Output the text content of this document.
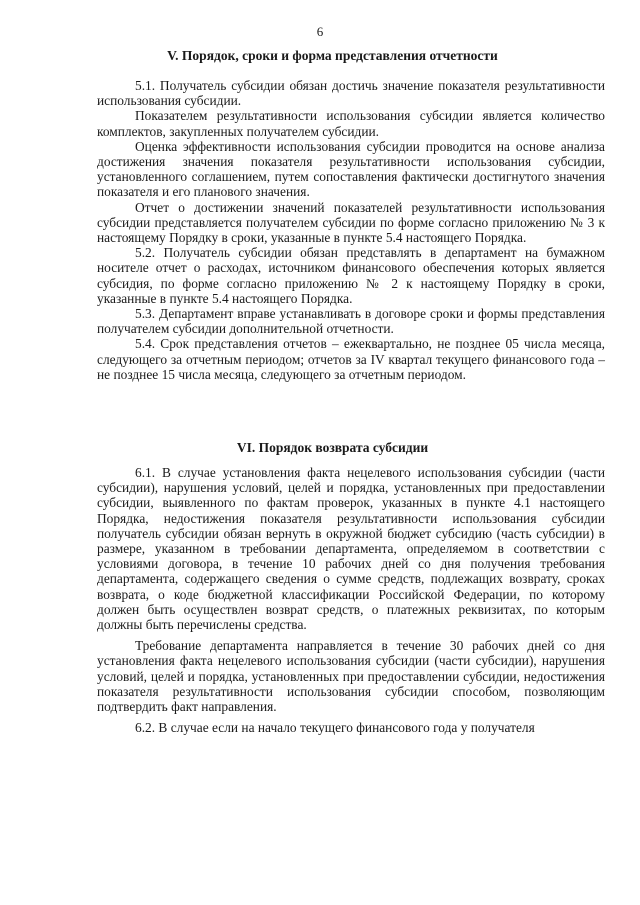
6
V. Порядок, сроки и форма представления отчетности

5.1. Получатель субсидии обязан достичь значение показателя результативности использования субсидии.

Показателем результативности использования субсидии является количество комплектов, закупленных получателем субсидии.

Оценка эффективности использования субсидии проводится на основе анализа достижения значения показателя результативности использования субсидии, установленного соглашением, путем сопоставления фактически достигнутого значения показателя и его планового значения.

Отчет о достижении значений показателей результативности использования субсидии представляется получателем субсидии по форме согласно приложению № 3 к настоящему Порядку в сроки, указанные в пункте 5.4 настоящего Порядка.

5.2. Получатель субсидии обязан представлять в департамент на бумажном носителе отчет о расходах, источником финансового обеспечения которых является субсидия, по форме согласно приложению № 2 к настоящему Порядку в сроки, указанные в пункте 5.4 настоящего Порядка.

5.3. Департамент вправе устанавливать в договоре сроки и формы представления получателем субсидии дополнительной отчетности.

5.4. Срок представления отчетов – ежеквартально, не позднее 05 числа месяца, следующего за отчетным периодом; отчетов за IV квартал текущего финансового года – не позднее 15 числа месяца, следующего за отчетным периодом.

VI. Порядок возврата субсидии

6.1. В случае установления факта нецелевого использования субсидии (части субсидии), нарушения условий, целей и порядка, установленных при предоставлении субсидии, выявленного по фактам проверок, указанных в пункте 4.1 настоящего Порядка, недостижения показателя результативности использования субсидии получатель субсидии обязан вернуть в окружной бюджет субсидию (часть субсидии) в размере, указанном в требовании департамента, определяемом в соответствии с условиями договора, в течение 10 рабочих дней со дня получения требования департамента, содержащего сведения о сумме средств, подлежащих возврату, сроках возврата, о коде бюджетной классификации Российской Федерации, по которому должен быть осуществлен возврат средств, о платежных реквизитах, по которым должны быть перечислены средства.

Требование департамента направляется в течение 30 рабочих дней со дня установления факта нецелевого использования субсидии (части субсидии), нарушения условий, целей и порядка, установленных при предоставлении субсидии, недостижения показателя результативности использования субсидии способом, позволяющим подтвердить факт направления.

6.2. В случае если на начало текущего финансового года у получателя
